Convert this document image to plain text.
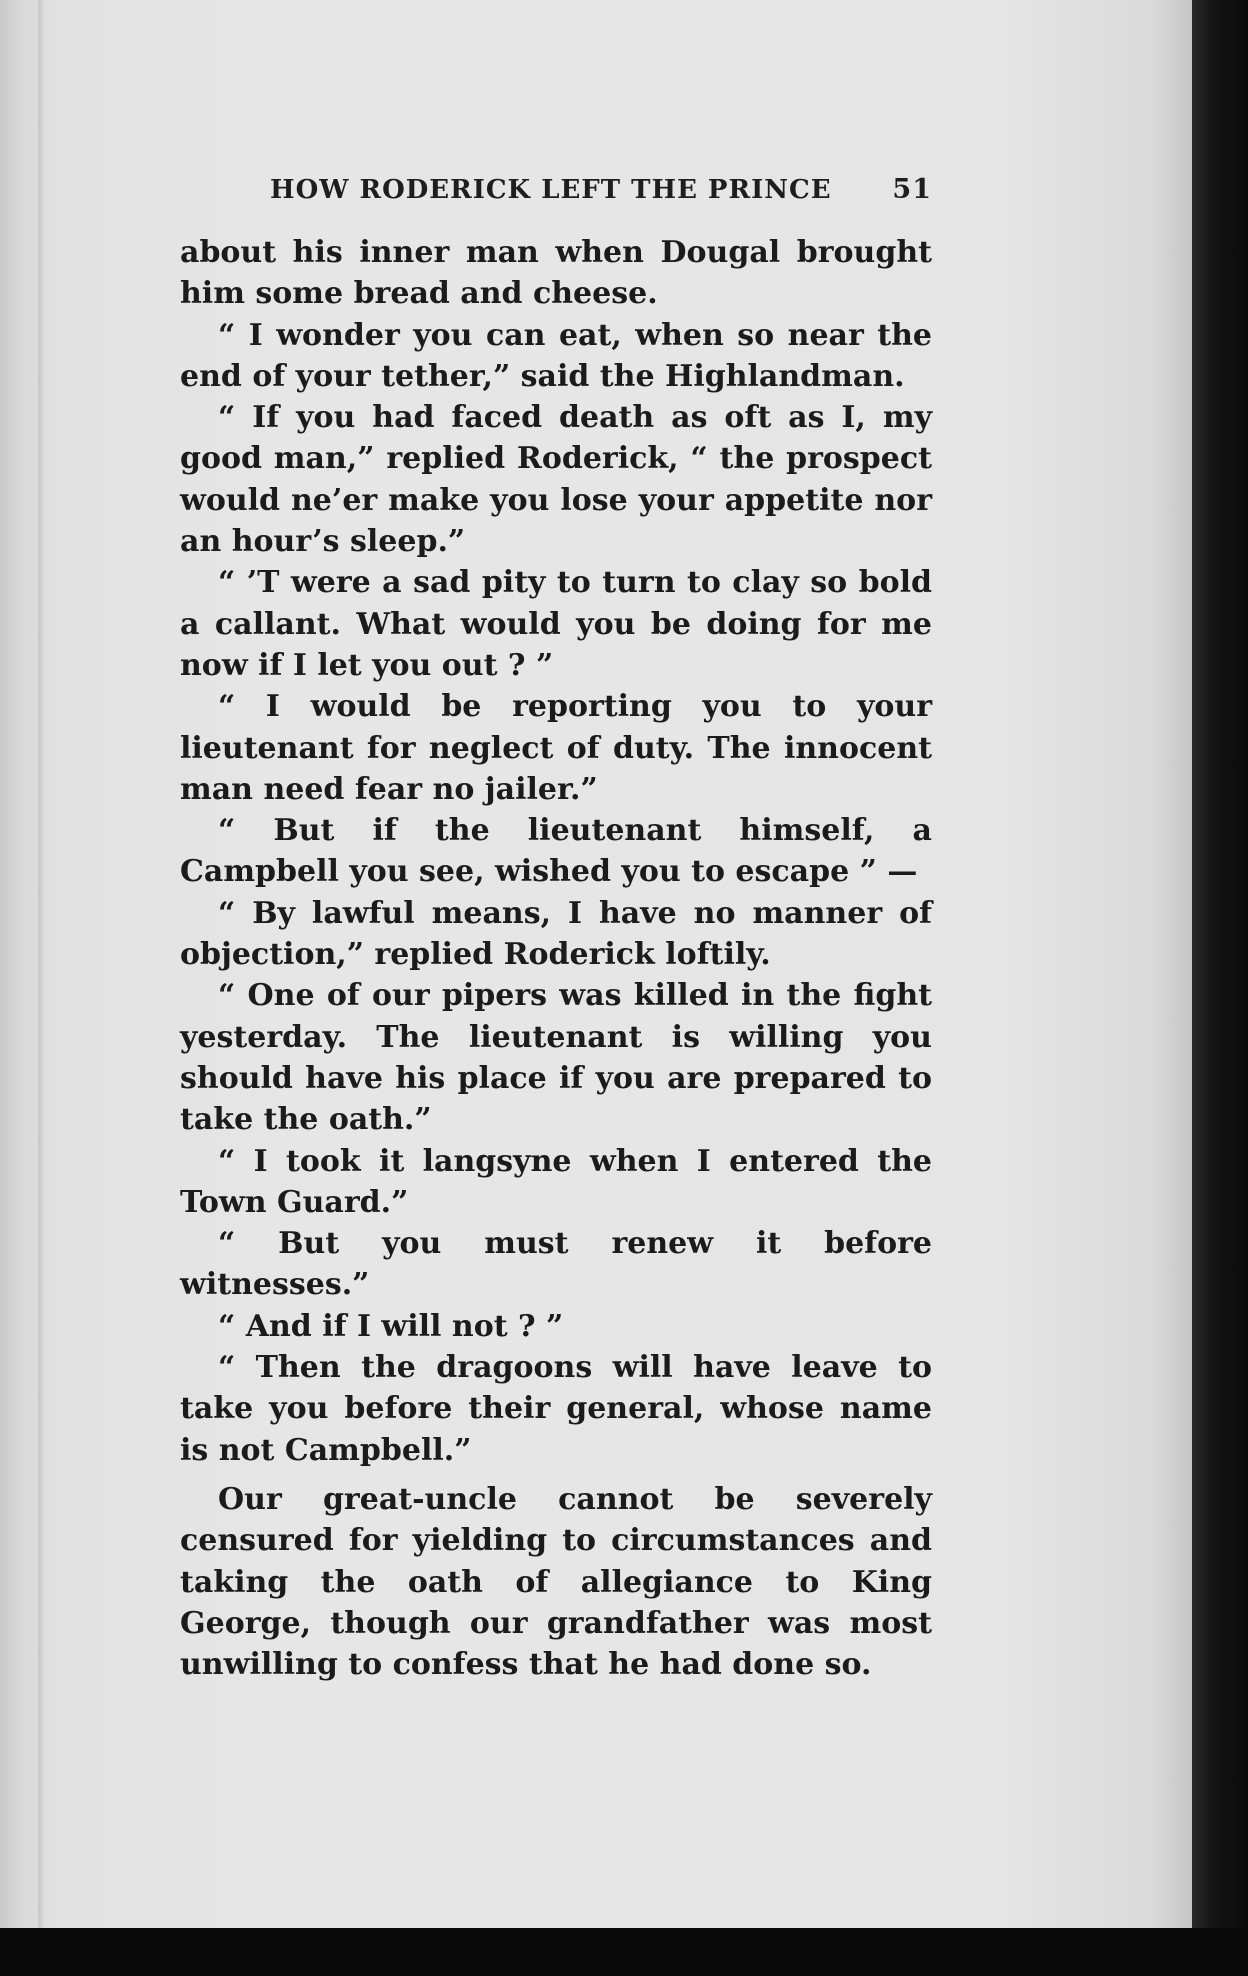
HOW RODERICK LEFT THE PRINCE 51

about his inner man when Dougal brought him some bread and cheese.

“ I wonder you can eat, when so near the end of your tether,” said the Highlandman.

“ If you had faced death as oft as I, my good man,” replied Roderick, “ the prospect would ne’er make you lose your appetite nor an hour’s sleep.”

“ ’T were a sad pity to turn to clay so bold a callant. What would you be doing for me now if I let you out ? ”

“ I would be reporting you to your lieutenant for neglect of duty. The innocent man need fear no jailer.”

“ But if the lieutenant himself, a Campbell you see, wished you to escape ” —

“ By lawful means, I have no manner of objection,” replied Roderick loftily.

“ One of our pipers was killed in the fight yesterday. The lieutenant is willing you should have his place if you are prepared to take the oath.”

“ I took it langsyne when I entered the Town Guard.”

“ But you must renew it before witnesses.”

“ And if I will not ? ”

“ Then the dragoons will have leave to take you before their general, whose name is not Campbell.”

Our great-uncle cannot be severely censured for yielding to circumstances and taking the oath of allegiance to King George, though our grandfather was most unwilling to confess that he had done so.
